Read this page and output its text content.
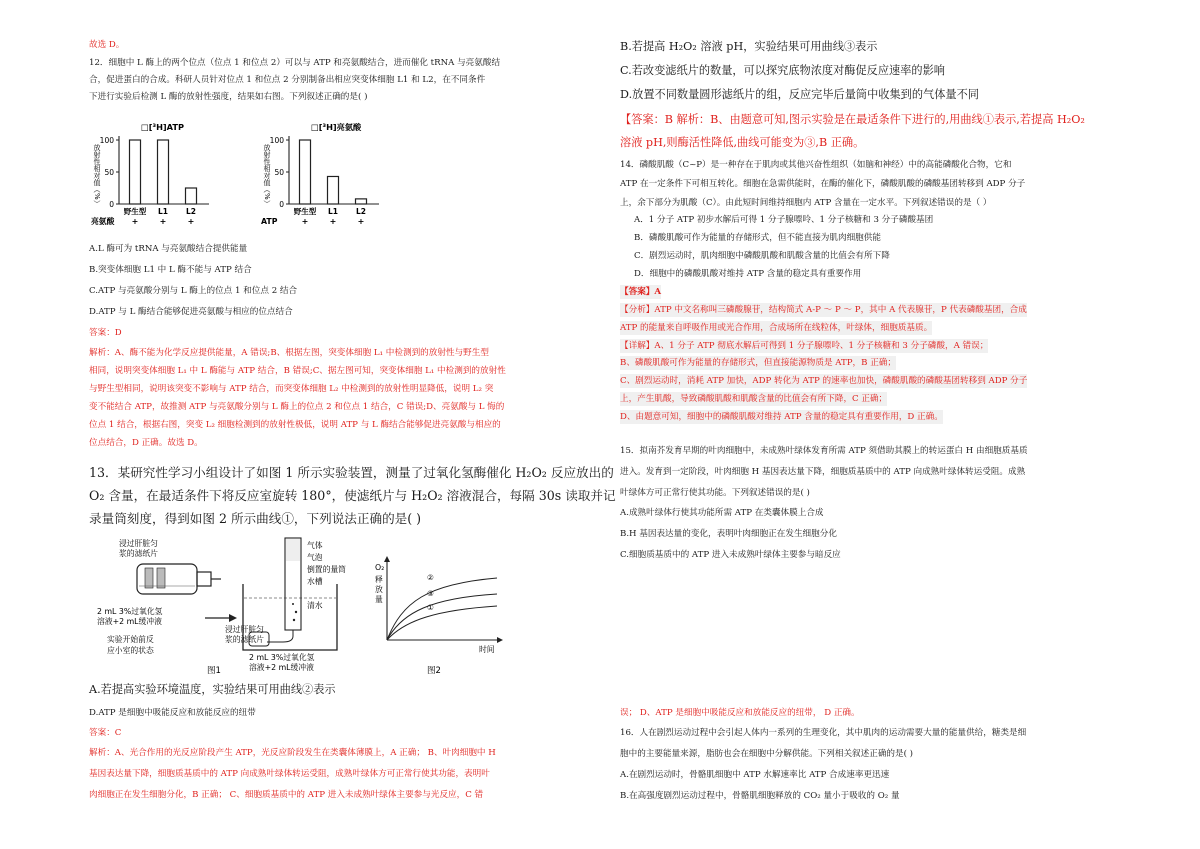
故选 D。
12．细胞中 L 酶上的两个位点（位点 1 和位点 2）可以与 ATP 和亮氨酸结合，进而催化 tRNA 与亮氨酸结
合，促进蛋白的合成。科研人员针对位点 1 和位点 2 分别制备出相应突变体细胞 L1 和 L2，在不同条件
下进行实验后检测 L 酶的放射性强度，结果如右图。下列叙述正确的是( )
放射性相对值（%） 0
50
100
□[³H]ATP
野生型
+
L1
+
L2
+
亮氨酸
放射性相对值（%） 0
50
100
□[³H]亮氨酸
野生型
+
L1
+
L2
+
ATP
A.L 酶可为 tRNA 与亮氨酸结合提供能量
B.突变体细胞 L1 中 L 酶不能与 ATP 结合
C.ATP 与亮氨酸分别与 L 酶上的位点 1 和位点 2 结合
D.ATP 与 L 酶结合能够促进亮氨酸与相应的位点结合
答案：D
解析：A、酶不能为化学反应提供能量，A 错误;B、根据左图，突变体细胞 L₁ 中检测到的放射性与野生型
相同，说明突变体细胞 L₁ 中 L 酶能与 ATP 结合，B 错误;C、据左图可知，突变体细胞 L₁ 中检测到的放射性
与野生型相同，说明该突变不影响与 ATP 结合，而突变体细胞 L₂ 中检测到的放射性明显降低，说明 L₂ 突
变不能结合 ATP，故推测 ATP 与亮氨酸分别与 L 酶上的位点 2 和位点 1 结合，C 错误;D、亮氨酸与 L 悔的
位点 1 结合，根据右图，突变 L₂ 细胞检测到的放射性极低，说明 ATP 与 L 酶结合能够促进亮氨酸与相应的
位点结合，D 正确。故选 D。
13．某研究性学习小组设计了如图 1 所示实验装置，测量了过氧化氢酶催化 H₂O₂ 反应放出的
O₂ 含量，在最适条件下将反应室旋转 180°，使滤纸片与 H₂O₂ 溶液混合，每隔 30s 读取并记
录量筒刻度，得到如图 2 所示曲线①，下列说法正确的是( )
浸过肝脏匀
浆的滤纸片
2 mL 3%过氧化氢
溶液+2 mL缓冲液
实验开始前反
应小室的状态
气体
气泡
倒置的量筒
水槽
清水
浸过肝脏匀
浆的滤纸片
2 mL 3%过氧化氢
溶液+2 mL缓冲液
图1
O₂
释
放
量
②
③
①
时间
图2
A.若提高实验环境温度，实验结果可用曲线②表示
D.ATP 是细胞中吸能反应和放能反应的纽带
答案：C
解析：A、光合作用的光反应阶段产生 ATP，光反应阶段发生在类囊体薄膜上，A 正确； B、叶肉细胞中 H
基因表达量下降，细胞质基质中的 ATP 向成熟叶绿体转运受阻，成熟叶绿体方可正常行使其功能，表明叶
肉细胞正在发生细胞分化，B 正确； C、细胞质基质中的 ATP 进入未成熟叶绿体主要参与光反应，C 错
B.若提高 H₂O₂ 溶液 pH，实验结果可用曲线③表示
C.若改变滤纸片的数量，可以探究底物浓度对酶促反应速率的影响
D.放置不同数量圆形滤纸片的组，反应完毕后量筒中收集到的气体量不同
【答案：B 解析：B、由题意可知,图示实验是在最适条件下进行的,用曲线①表示,若提高 H₂O₂
溶液 pH,则酶活性降低,曲线可能变为③,B 正确。
14．磷酸肌酸（C~P）是一种存在于肌肉或其他兴奋性组织（如脑和神经）中的高能磷酸化合物，它和
ATP 在一定条件下可相互转化。细胞在急需供能时，在酶的催化下，磷酸肌酸的磷酸基团转移到 ADP 分子
上，余下部分为肌酸（C）。由此短时间维持细胞内 ATP 含量在一定水平。下列叙述错误的是（ ）
A．1 分子 ATP 初步水解后可得 1 分子腺嘌呤、1 分子核糖和 3 分子磷酸基团
B．磷酸肌酸可作为能量的存储形式，但不能直接为肌肉细胞供能
C．剧烈运动时，肌肉细胞中磷酸肌酸和肌酸含量的比值会有所下降
D．细胞中的磷酸肌酸对维持 ATP 含量的稳定具有重要作用
【答案】A
【分析】ATP 中文名称叫三磷酸腺苷，结构简式 A-P ～ P ～ P，其中 A 代表腺苷，P 代表磷酸基团，合成
ATP 的能量来自呼吸作用或光合作用，合成场所在线粒体，叶绿体，细胞质基质。
【详解】A、1 分子 ATP 彻底水解后可得到 1 分子腺嘌呤、1 分子核糖和 3 分子磷酸，A 错误；
B、磷酸肌酸可作为能量的存储形式，但直接能源物质是 ATP，B 正确；
C、剧烈运动时，消耗 ATP 加快，ADP 转化为 ATP 的速率也加快，磷酸肌酸的磷酸基团转移到 ADP 分子
上，产生肌酸，导致磷酸肌酸和肌酸含量的比值会有所下降，C 正确；
D、由题意可知，细胞中的磷酸肌酸对维持 ATP 含量的稳定具有重要作用，D 正确。
15．拟南芥发育早期的叶肉细胞中，未成熟叶绿体发育所需 ATP 须借助其膜上的转运蛋白 H 由细胞质基质
进入。发育到一定阶段，叶肉细胞 H 基因表达量下降，细胞质基质中的 ATP 向成熟叶绿体转运受阻。成熟
叶绿体方可正常行使其功能。下列叙述错误的是( )
A.成熟叶绿体行使其功能所需 ATP 在类囊体膜上合成
B.H 基因表达量的变化，表明叶肉细胞正在发生细胞分化
C.细胞质基质中的 ATP 进入未成熟叶绿体主要参与暗反应
误； D、ATP 是细胞中吸能反应和放能反应的纽带， D 正确。
16．人在剧烈运动过程中会引起人体内一系列的生理变化，其中肌肉的运动需要大量的能量供给，糖类是细
胞中的主要能量来源，脂肪也会在细胞中分解供能。下列相关叙述正确的是( )
A.在剧烈运动时，骨骼肌细胞中 ATP 水解速率比 ATP 合成速率更迅速
B.在高强度剧烈运动过程中，骨骼肌细胞释放的 CO₂ 量小于吸收的 O₂ 量
